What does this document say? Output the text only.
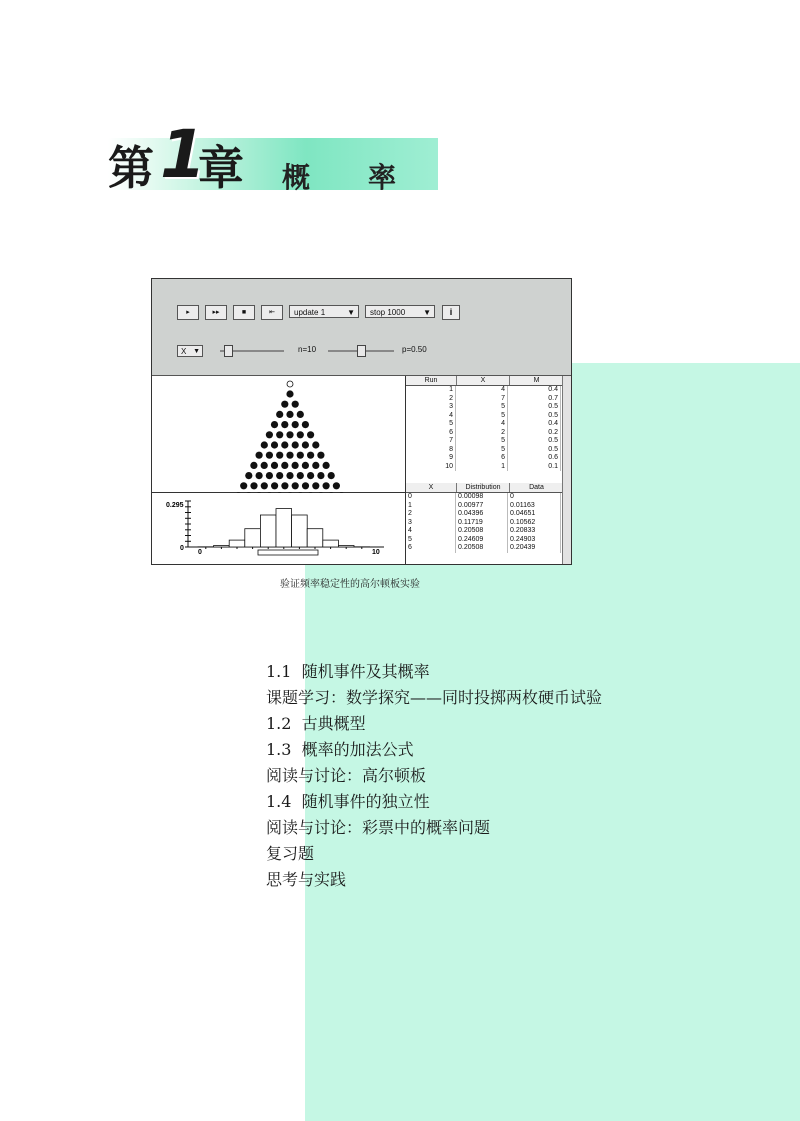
第 1
章 概率
▸	▸▸	■	⇤	update 1	▼	stop 1000 ▼	i
X ▼	n=10	p=0.50
0.295
0
0	10
Run	X	M
1	4	0.4
2	7	0.7
3	5	0.5
4	5	0.5
5	4	0.4
6	2	0.2
7	5	0.5
8	5	0.5
9	6	0.6
10	1	0.1
X	Distribution	Data
0	0.00098	0
1	0.00977	0.01163
2	0.04396	0.04651
3	0.11719	0.10562
4	0.20508	0.20833
5	0.24609	0.24903
6	0.20508	0.20439
验证频率稳定性的高尔顿板实验
1.1  随机事件及其概率
课题学习：数学探究——同时投掷两枚硬币试验
1.2  古典概型
1.3  概率的加法公式
阅读与讨论：高尔顿板
1.4  随机事件的独立性
阅读与讨论：彩票中的概率问题
复习题
思考与实践
